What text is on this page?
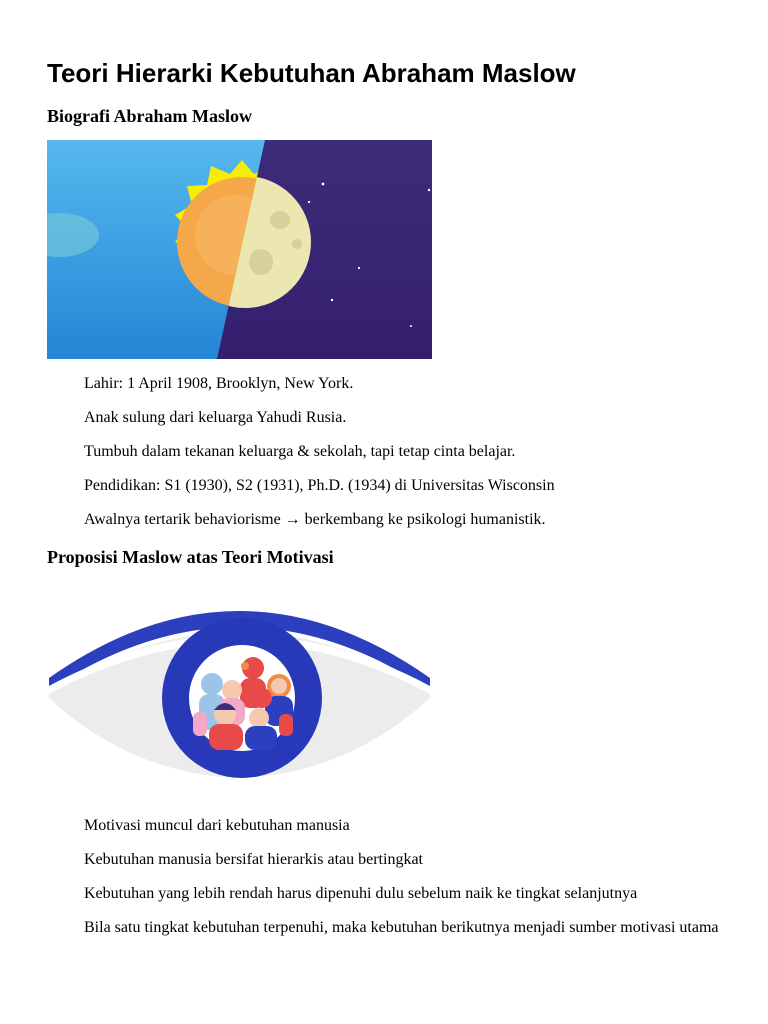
Teori Hierarki Kebutuhan Abraham Maslow
Biografi Abraham Maslow

Lahir: 1 April 1908, Brooklyn, New York.

Anak sulung dari keluarga Yahudi Rusia.

Tumbuh dalam tekanan keluarga & sekolah, tapi tetap cinta belajar.

Pendidikan: S1 (1930), S2 (1931), Ph.D. (1934) di Universitas Wisconsin

Awalnya tertarik behaviorisme → berkembang ke psikologi humanistik.

Proposisi Maslow atas Teori Motivasi

Motivasi muncul dari kebutuhan manusia

Kebutuhan manusia bersifat hierarkis atau bertingkat

Kebutuhan yang lebih rendah harus dipenuhi dulu sebelum naik ke tingkat selanjutnya

Bila satu tingkat kebutuhan terpenuhi, maka kebutuhan berikutnya menjadi sumber motivasi utama
